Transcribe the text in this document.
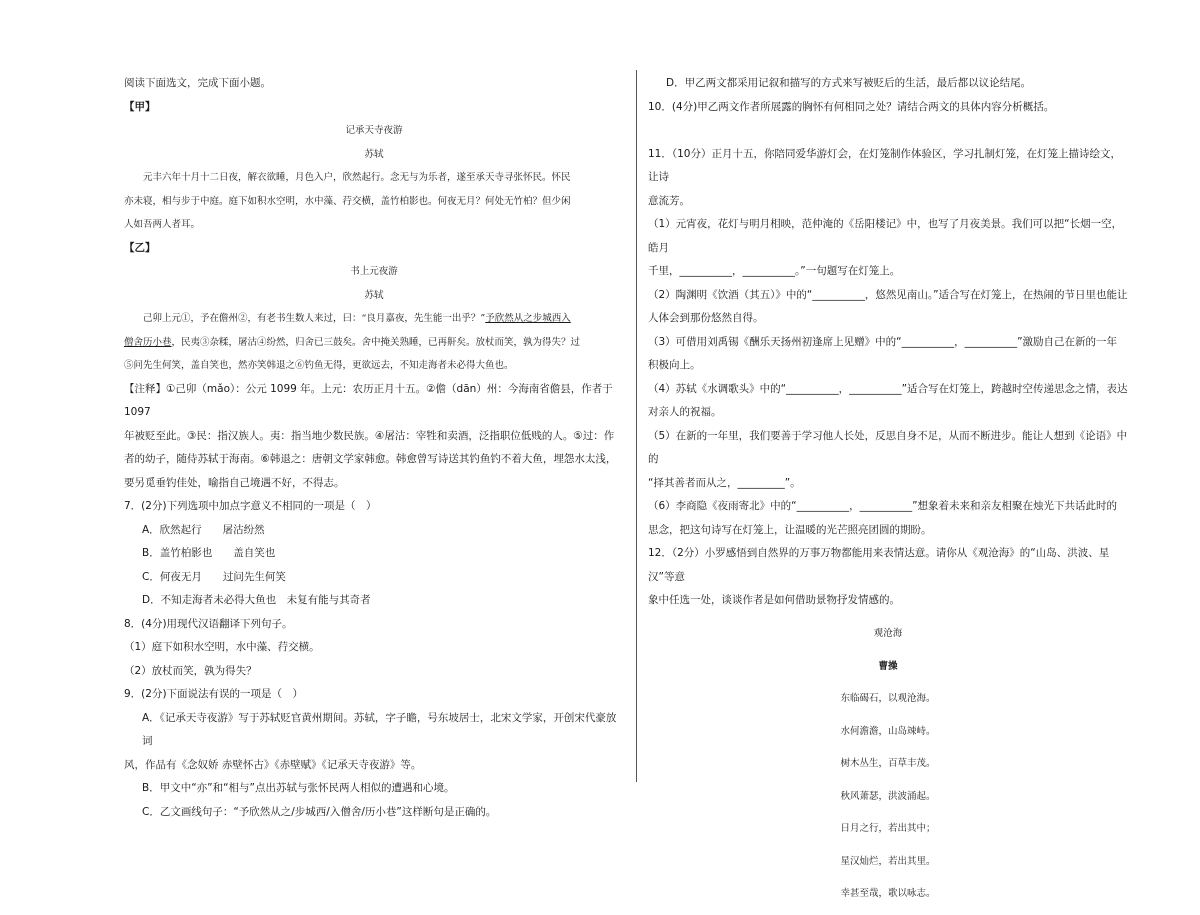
阅读下面选文，完成下面小题。

【甲】

记承天寺夜游

苏轼

元丰六年十月十二日夜，解衣欲睡，月色入户，欣然起行。念无与为乐者，遂至承天寺寻张怀民。怀民

亦未寝，相与步于中庭。庭下如积水空明，水中藻、荇交横，盖竹柏影也。何夜无月？何处无竹柏？但少闲

人如吾两人者耳。

【乙】

书上元夜游

苏轼

己卯上元①，予在儋州②，有老书生数人来过，曰：“良月嘉夜，先生能一出乎？”予欣然从之步城西入

僧舍历小巷，民夷③杂糅，屠沽④纷然，归舍已三鼓矣。舍中掩关熟睡，已再鼾矣。放杖而笑，孰为得失？过

⑤问先生何笑，盖自笑也，然亦笑韩退之⑥钓鱼无得，更欲远去，不知走海者未必得大鱼也。

【注释】①己卯（mǎo）：公元 1099 年。上元：农历正月十五。②儋（dān）州：今海南省儋县，作者于 1097

年被贬至此。③民：指汉族人。夷：指当地少数民族。④屠沽：宰牲和卖酒，泛指职位低贱的人。⑤过：作

者的幼子，随侍苏轼于海南。⑥韩退之：唐朝文学家韩愈。韩愈曾写诗送其钓鱼钓不着大鱼，埋怨水太浅，

要另觅垂钓佳处，喻指自己境遇不好，不得志。

7．(2分)下列选项中加点字意义不相同的一项是（　）

A．欣然起行　　屠沽纷然

B．盖竹柏影也　　盖自笑也

C．何夜无月　　过问先生何笑

D．不知走海者未必得大鱼也　未复有能与其奇者

8．(4分)用现代汉语翻译下列句子。

（1）庭下如积水空明，水中藻、荇交横。

（2）放杖而笑，孰为得失？

9．(2分)下面说法有误的一项是（　）

A．《记承天寺夜游》写于苏轼贬官黄州期间。苏轼，字子瞻，号东坡居士，北宋文学家，开创宋代豪放词

风，作品有《念奴娇 赤壁怀古》《赤壁赋》《记承天寺夜游》等。

B．甲文中“亦”和“相与”点出苏轼与张怀民两人相似的遭遇和心境。

C．乙文画线句子：“予欣然从之/步城西/入僧舍/历小巷”这样断句是正确的。

D．甲乙两文都采用记叙和描写的方式来写被贬后的生活，最后都以议论结尾。

10．(4分)甲乙两文作者所展露的胸怀有何相同之处？请结合两文的具体内容分析概括。

11．（10分）正月十五，你陪同爱华游灯会，在灯笼制作体验区，学习扎制灯笼，在灯笼上描诗绘文，让诗

意流芳。

（1）元宵夜，花灯与明月相映，范仲淹的《岳阳楼记》中，也写了月夜美景。我们可以把“长烟一空，皓月

千里，__________，__________。”一句题写在灯笼上。

（2）陶渊明《饮酒（其五）》中的“__________，悠然见南山。”适合写在灯笼上，在热闹的节日里也能让

人体会到那份悠然自得。

（3）可借用刘禹锡《酬乐天扬州初逢席上见赠》中的“__________，__________”激励自己在新的一年

积极向上。

（4）苏轼《水调歌头》中的“__________，__________”适合写在灯笼上，跨越时空传递思念之情，表达

对亲人的祝福。

（5）在新的一年里，我们要善于学习他人长处，反思自身不足，从而不断进步。能让人想到《论语》中的

“择其善者而从之，_________”。

（6）李商隐《夜雨寄北》中的“__________，__________”想象着未来和亲友相聚在烛光下共话此时的

思念，把这句诗写在灯笼上，让温暖的光芒照亮团圆的期盼。

12．（2分）小罗感悟到自然界的万事万物都能用来表情达意。请你从《观沧海》的“山岛、洪波、星汉”等意

象中任选一处，谈谈作者是如何借助景物抒发情感的。

观沧海

曹操

东临碣石，以观沧海。

水何澹澹，山岛竦峙。

树木丛生，百草丰茂。

秋风萧瑟，洪波涌起。

日月之行，若出其中；

星汉灿烂，若出其里。

幸甚至哉，歌以咏志。
